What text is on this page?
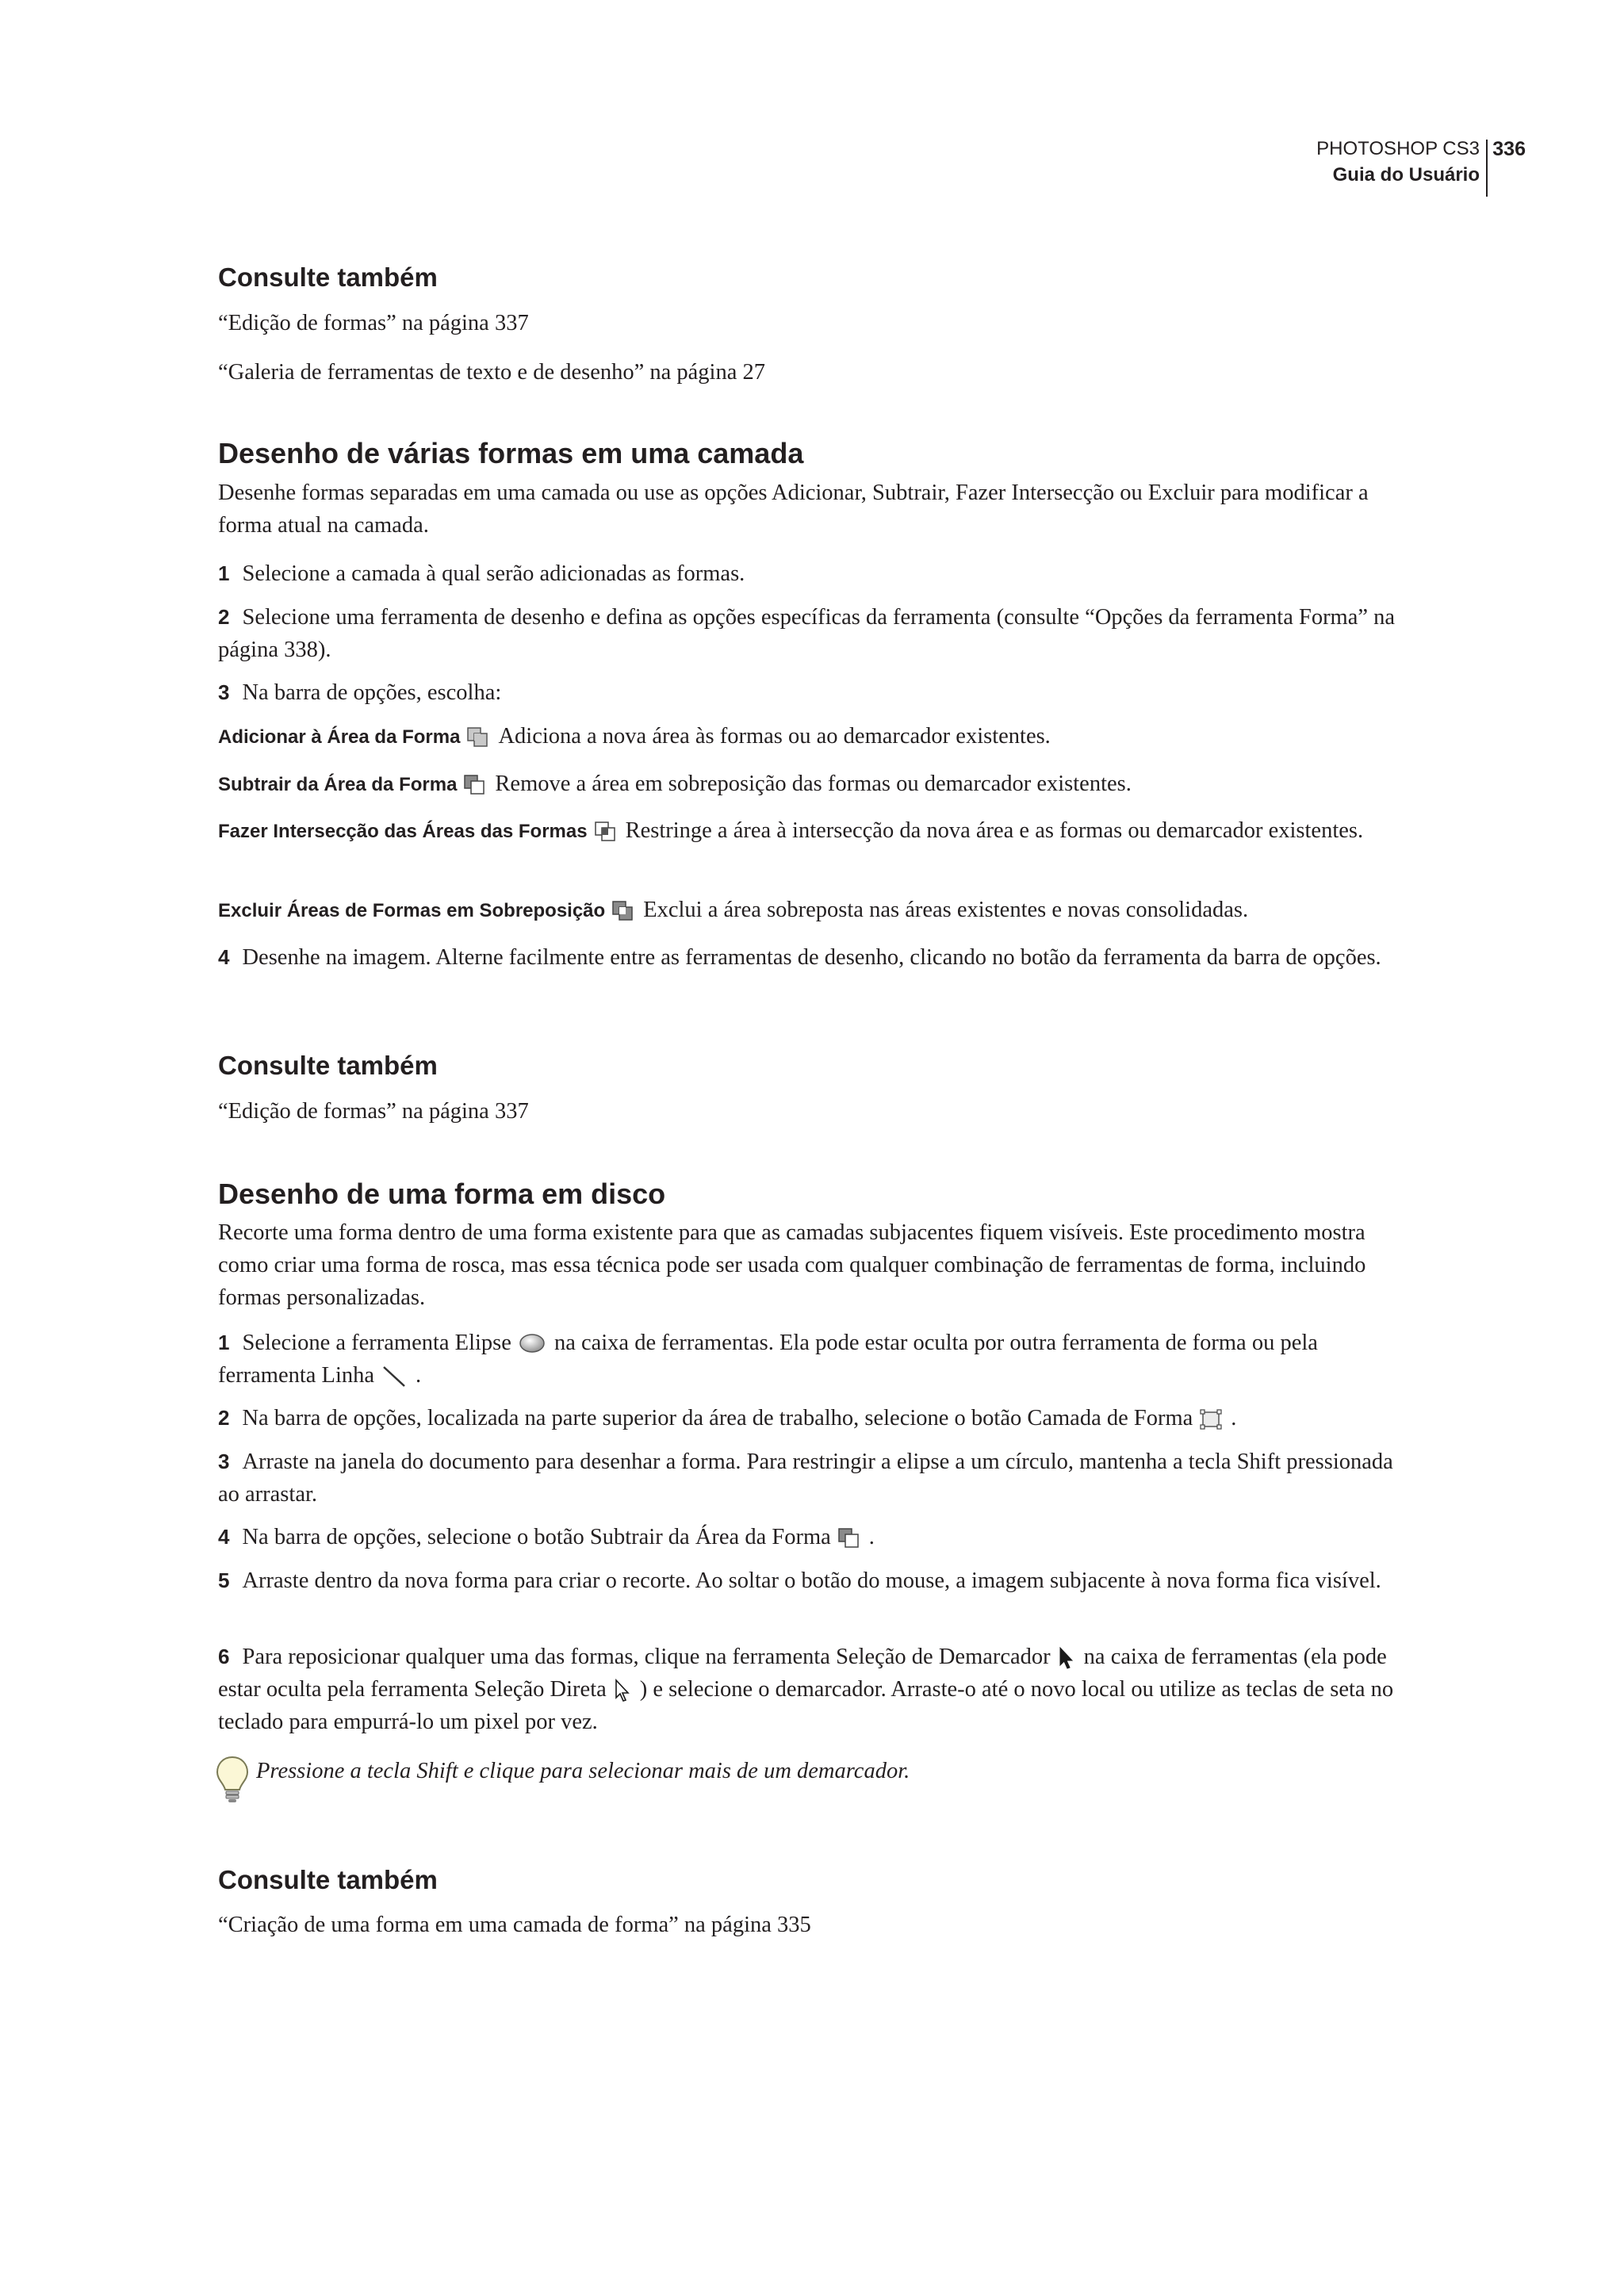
PHOTOSHOP CS3
Guia do Usuário
336
Consulte também
“Edição de formas” na página 337
“Galeria de ferramentas de texto e de desenho” na página 27
Desenho de várias formas em uma camada
Desenhe formas separadas em uma camada ou use as opções Adicionar, Subtrair, Fazer Intersecção ou Excluir para modificar a forma atual na camada.
1 Selecione a camada à qual serão adicionadas as formas.
2 Selecione uma ferramenta de desenho e defina as opções específicas da ferramenta (consulte “Opções da ferramenta Forma” na página 338).
3 Na barra de opções, escolha:
Adicionar à Área da Forma Adiciona a nova área às formas ou ao demarcador existentes.
Subtrair da Área da Forma Remove a área em sobreposição das formas ou demarcador existentes.
Fazer Intersecção das Áreas das Formas Restringe a área à intersecção da nova área e as formas ou demarcador existentes.
Excluir Áreas de Formas em Sobreposição Exclui a área sobreposta nas áreas existentes e novas consolidadas.
4 Desenhe na imagem. Alterne facilmente entre as ferramentas de desenho, clicando no botão da ferramenta da barra de opções.
Consulte também
“Edição de formas” na página 337
Desenho de uma forma em disco
Recorte uma forma dentro de uma forma existente para que as camadas subjacentes fiquem visíveis. Este procedimento mostra como criar uma forma de rosca, mas essa técnica pode ser usada com qualquer combinação de ferramentas de forma, incluindo formas personalizadas.
1 Selecione a ferramenta Elipse na caixa de ferramentas. Ela pode estar oculta por outra ferramenta de forma ou pela ferramenta Linha .
2 Na barra de opções, localizada na parte superior da área de trabalho, selecione o botão Camada de Forma .
3 Arraste na janela do documento para desenhar a forma. Para restringir a elipse a um círculo, mantenha a tecla Shift pressionada ao arrastar.
4 Na barra de opções, selecione o botão Subtrair da Área da Forma .
5 Arraste dentro da nova forma para criar o recorte. Ao soltar o botão do mouse, a imagem subjacente à nova forma fica visível.
6 Para reposicionar qualquer uma das formas, clique na ferramenta Seleção de Demarcador na caixa de ferramentas (ela pode estar oculta pela ferramenta Seleção Direta ) e selecione o demarcador. Arraste-o até o novo local ou utilize as teclas de seta no teclado para empurrá-lo um pixel por vez.
Pressione a tecla Shift e clique para selecionar mais de um demarcador.
Consulte também
“Criação de uma forma em uma camada de forma” na página 335
